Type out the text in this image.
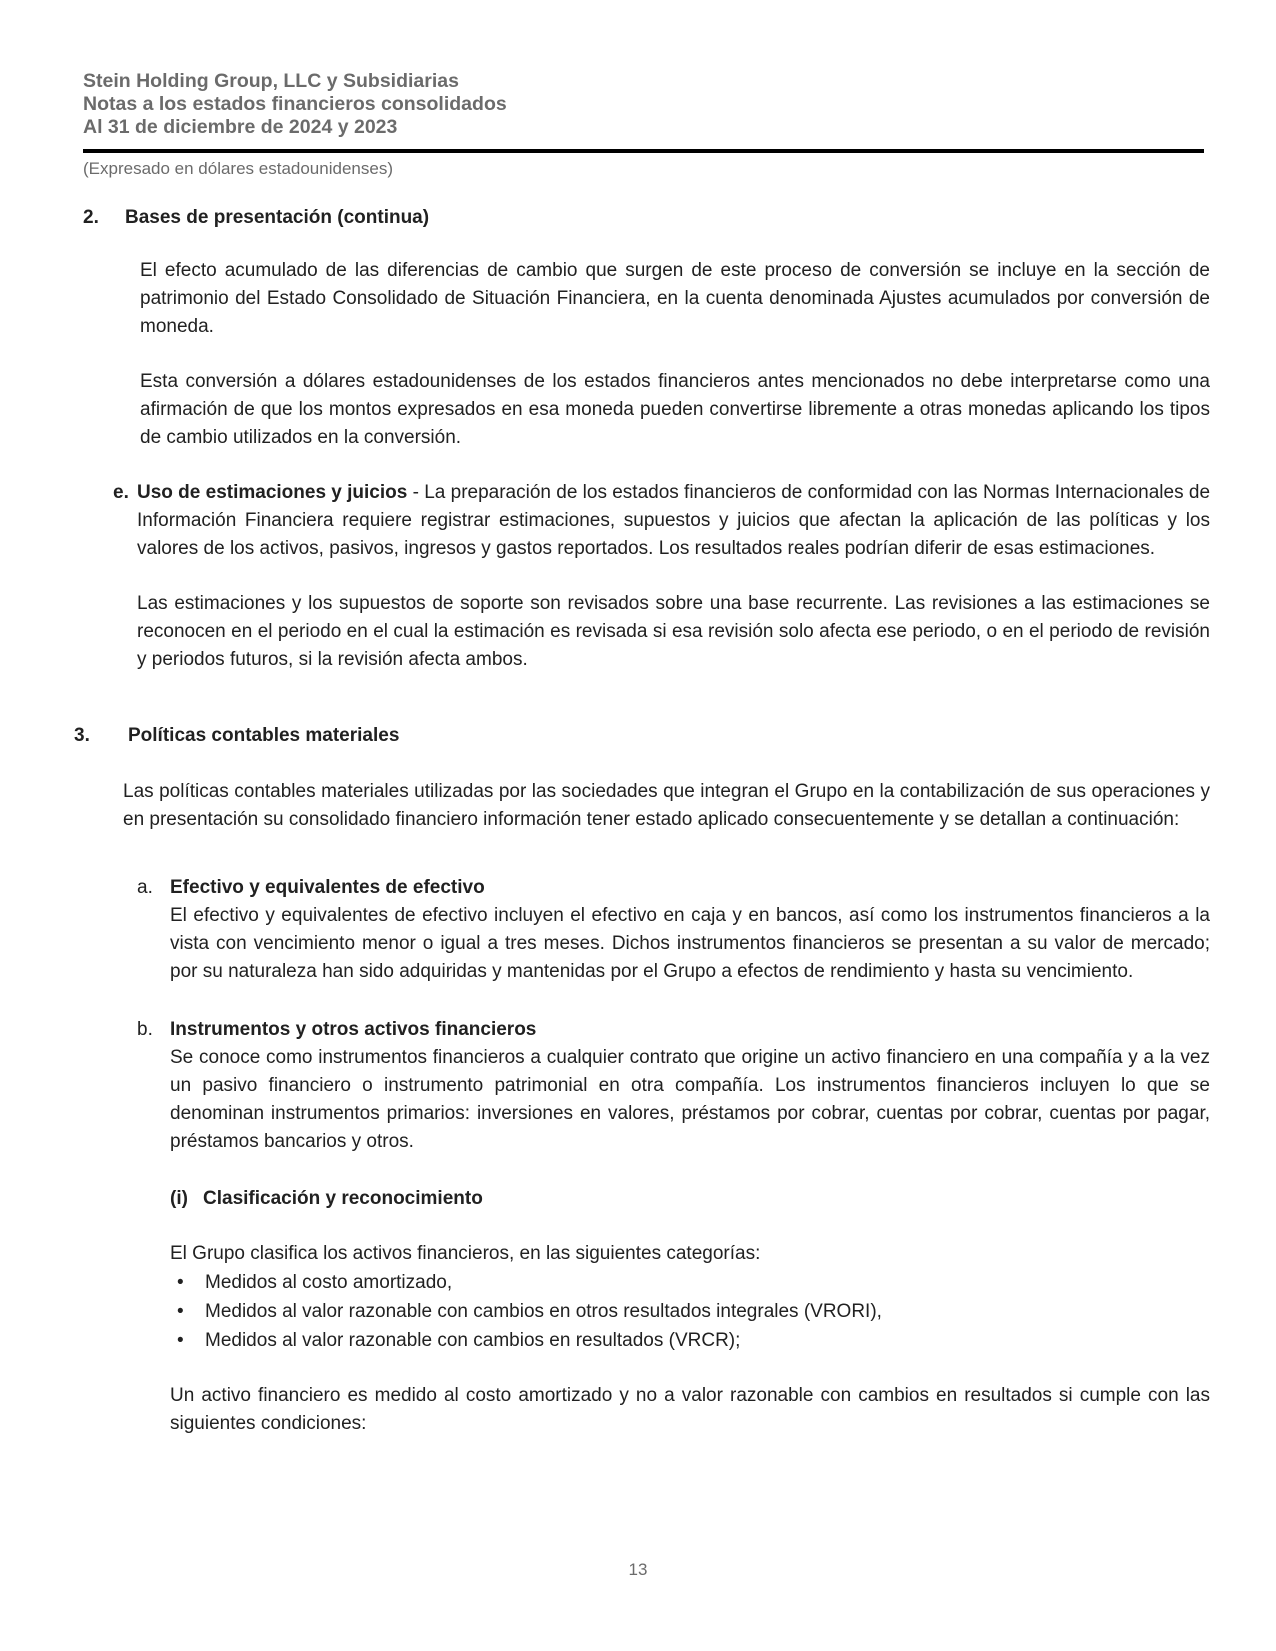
Stein Holding Group, LLC y Subsidiarias
Notas a los estados financieros consolidados
Al 31 de diciembre de 2024 y 2023
(Expresado en dólares estadounidenses)
2.	Bases de presentación (continua)
El efecto acumulado de las diferencias de cambio que surgen de este proceso de conversión se incluye en la sección de patrimonio del Estado Consolidado de Situación Financiera, en la cuenta denominada Ajustes acumulados por conversión de moneda.
Esta conversión a dólares estadounidenses de los estados financieros antes mencionados no debe interpretarse como una afirmación de que los montos expresados en esa moneda pueden convertirse libremente a otras monedas aplicando los tipos de cambio utilizados en la conversión.
e. Uso de estimaciones y juicios - La preparación de los estados financieros de conformidad con las Normas Internacionales de Información Financiera requiere registrar estimaciones, supuestos y juicios que afectan la aplicación de las políticas y los valores de los activos, pasivos, ingresos y gastos reportados. Los resultados reales podrían diferir de esas estimaciones.
Las estimaciones y los supuestos de soporte son revisados sobre una base recurrente. Las revisiones a las estimaciones se reconocen en el periodo en el cual la estimación es revisada si esa revisión solo afecta ese periodo, o en el periodo de revisión y periodos futuros, si la revisión afecta ambos.
3.	Políticas contables materiales
Las políticas contables materiales utilizadas por las sociedades que integran el Grupo en la contabilización de sus operaciones y en presentación su consolidado financiero información tener estado aplicado consecuentemente y se detallan a continuación:
a. Efectivo y equivalentes de efectivo
El efectivo y equivalentes de efectivo incluyen el efectivo en caja y en bancos, así como los instrumentos financieros a la vista con vencimiento menor o igual a tres meses. Dichos instrumentos financieros se presentan a su valor de mercado; por su naturaleza han sido adquiridas y mantenidas por el Grupo a efectos de rendimiento y hasta su vencimiento.
b. Instrumentos y otros activos financieros
Se conoce como instrumentos financieros a cualquier contrato que origine un activo financiero en una compañía y a la vez un pasivo financiero o instrumento patrimonial en otra compañía. Los instrumentos financieros incluyen lo que se denominan instrumentos primarios: inversiones en valores, préstamos por cobrar, cuentas por cobrar, cuentas por pagar, préstamos bancarios y otros.
(i) Clasificación y reconocimiento
El Grupo clasifica los activos financieros, en las siguientes categorías:
•	Medidos al costo amortizado,
•	Medidos al valor razonable con cambios en otros resultados integrales (VRORI),
•	Medidos al valor razonable con cambios en resultados (VRCR);
Un activo financiero es medido al costo amortizado y no a valor razonable con cambios en resultados si cumple con las siguientes condiciones:
13
